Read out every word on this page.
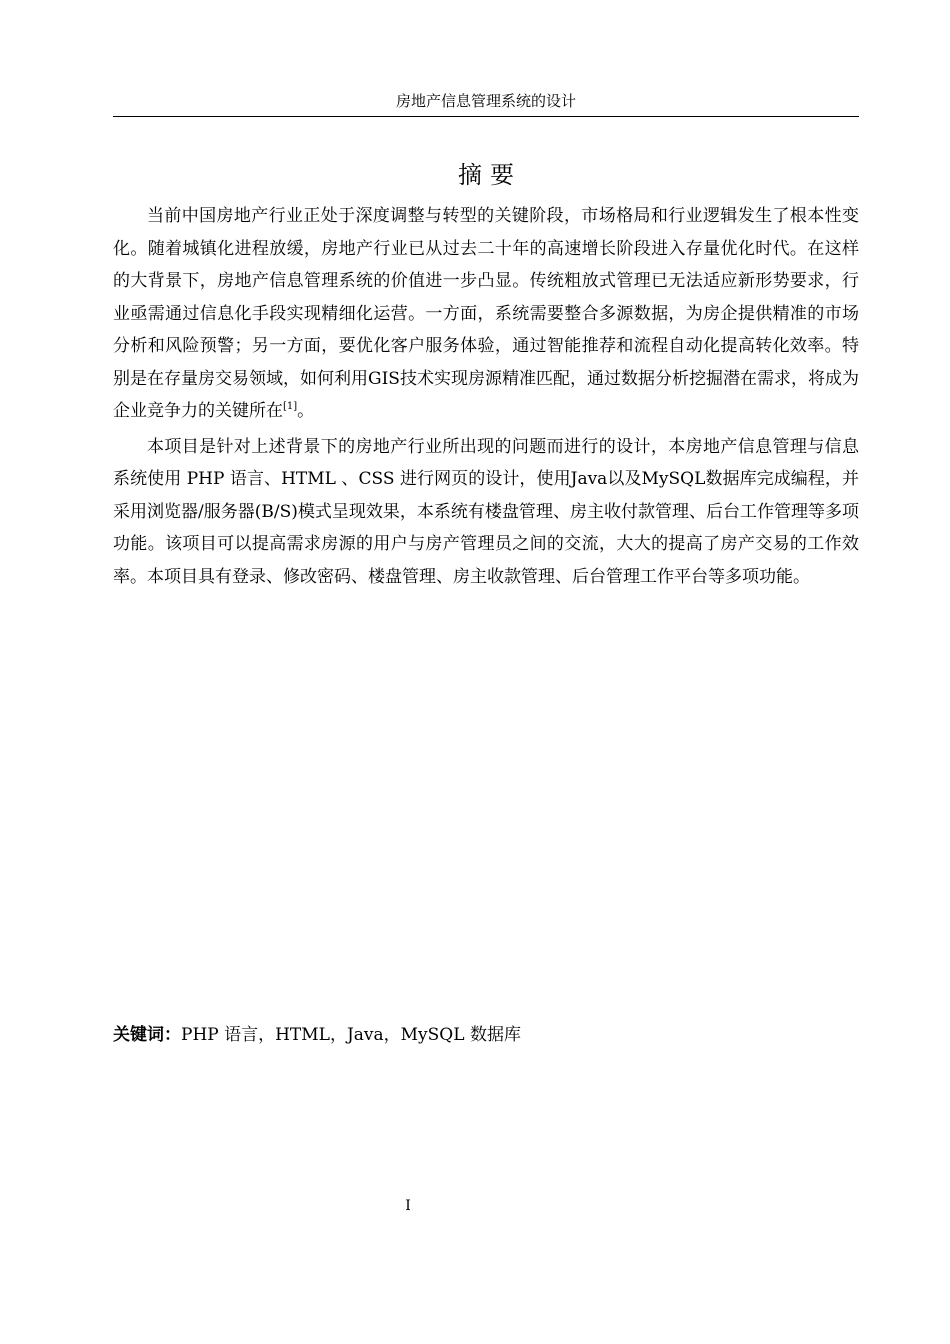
房地产信息管理系统的设计
摘要

当前中国房地产行业正处于深度调整与转型的关键阶段，市场格局和行业逻辑发生了根本性变化。随着城镇化进程放缓，房地产行业已从过去二十年的高速增长阶段进入存量优化时代。在这样的大背景下，房地产信息管理系统的价值进一步凸显。传统粗放式管理已无法适应新形势要求，行业亟需通过信息化手段实现精细化运营。一方面，系统需要整合多源数据，为房企提供精准的市场分析和风险预警；另一方面，要优化客户服务体验，通过智能推荐和流程自动化提高转化效率。特别是在存量房交易领域，如何利用GIS技术实现房源精准匹配，通过数据分析挖掘潜在需求，将成为企业竞争力的关键所在[1]。

本项目是针对上述背景下的房地产行业所出现的问题而进行的设计，本房地产信息管理与信息系统使用 PHP 语言、HTML 、CSS 进行网页的设计，使用Java以及MySQL数据库完成编程，并采用浏览器/服务器(B/S)模式呈现效果，本系统有楼盘管理、房主收付款管理、后台工作管理等多项功能。该项目可以提高需求房源的用户与房产管理员之间的交流，大大的提高了房产交易的工作效率。本项目具有登录、修改密码、楼盘管理、房主收款管理、后台管理工作平台等多项功能。

关键词：PHP 语言，HTML，Java，MySQL 数据库
I
